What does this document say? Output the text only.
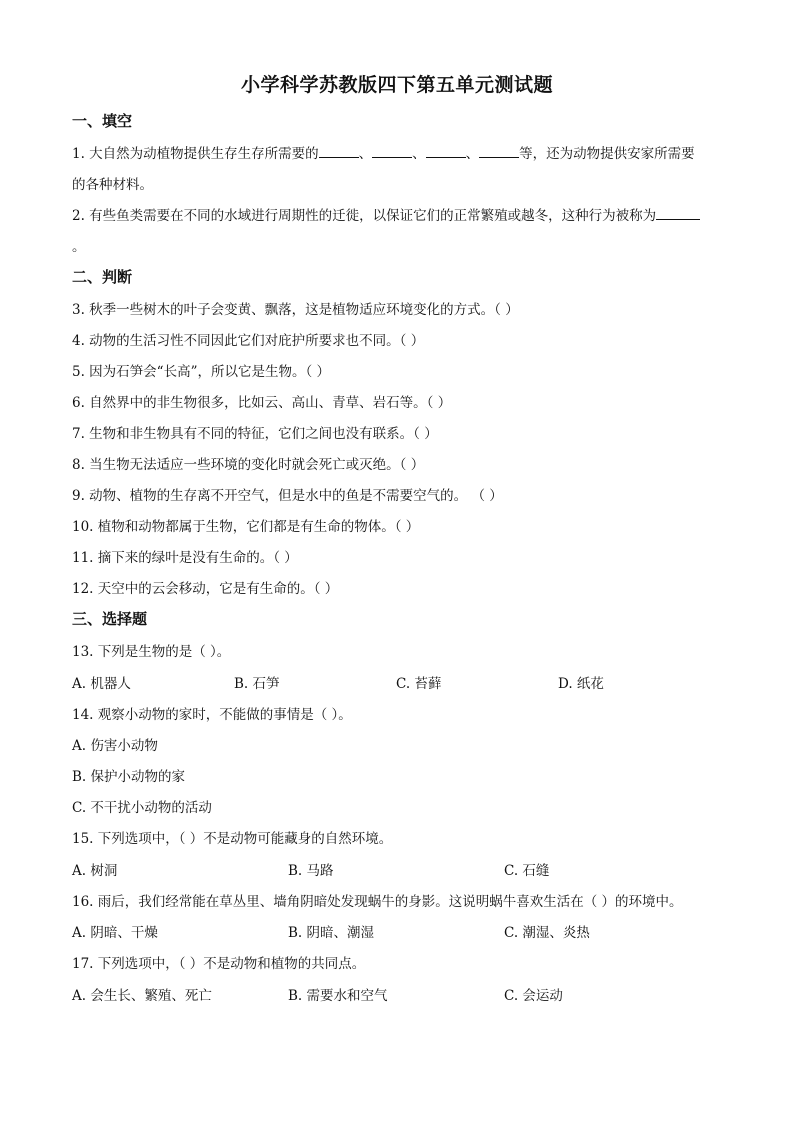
小学科学苏教版四下第五单元测试题
一、填空
1. 大自然为动植物提供生存生存所需要的	、	、	、	等，还为动物提供安家所需要
的各种材料。
2. 有些鱼类需要在不同的水域进行周期性的迁徙，以保证它们的正常繁殖或越冬，这种行为被称为
。
二、判断
3. 秋季一些树木的叶子会变黄、飘落，这是植物适应环境变化的方式。（ ）
4. 动物的生活习性不同因此它们对庇护所要求也不同。（ ）
5. 因为石笋会“长高”，所以它是生物。（ ）
6. 自然界中的非生物很多，比如云、高山、青草、岩石等。（ ）
7. 生物和非生物具有不同的特征，它们之间也没有联系。（ ）
8. 当生物无法适应一些环境的变化时就会死亡或灭绝。（ ）
9. 动物、植物的生存离不开空气，但是水中的鱼是不需要空气的。 （ ）
10. 植物和动物都属于生物，它们都是有生命的物体。（ ）
11. 摘下来的绿叶是没有生命的。（ ）
12. 天空中的云会移动，它是有生命的。（ ）
三、选择题
13. 下列是生物的是（ ）。
A. 机器人	B. 石笋	C. 苔藓	D. 纸花
14. 观察小动物的家时，不能做的事情是（ ）。
A. 伤害小动物
B. 保护小动物的家
C. 不干扰小动物的活动
15. 下列选项中，（ ）不是动物可能藏身的自然环境。
A. 树洞	B. 马路	C. 石缝
16. 雨后，我们经常能在草丛里、墙角阴暗处发现蜗牛的身影。这说明蜗牛喜欢生活在（ ）的环境中。
A. 阴暗、干燥	B. 阴暗、潮湿	C. 潮湿、炎热
17. 下列选项中，（ ）不是动物和植物的共同点。
A. 会生长、繁殖、死亡	B. 需要水和空气	C. 会运动
